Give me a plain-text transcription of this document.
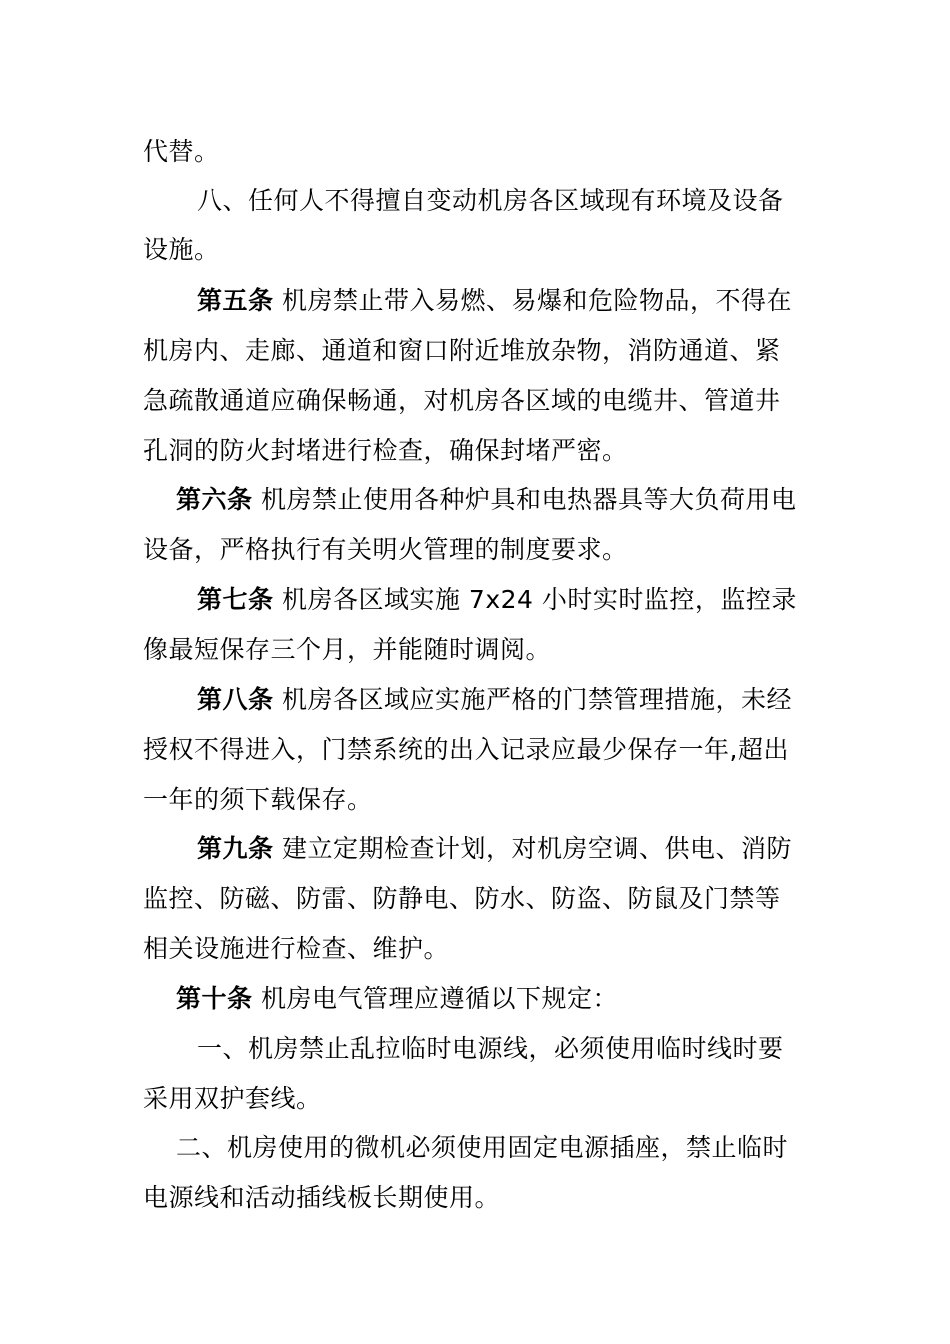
代替。
八、任何人不得擅自变动机房各区域现有环境及设备
设施。
第五条 机房禁止带入易燃、易爆和危险物品，不得在
机房内、走廊、通道和窗口附近堆放杂物，消防通道、紧
急疏散通道应确保畅通，对机房各区域的电缆井、管道井
孔洞的防火封堵进行检查，确保封堵严密。
第六条 机房禁止使用各种炉具和电热器具等大负荷用电
设备，严格执行有关明火管理的制度要求。
第七条 机房各区域实施 7x24 小时实时监控，监控录
像最短保存三个月，并能随时调阅。
第八条 机房各区域应实施严格的门禁管理措施，未经
授权不得进入，门禁系统的出入记录应最少保存一年,超出
一年的须下载保存。
第九条 建立定期检查计划，对机房空调、供电、消防
监控、防磁、防雷、防静电、防水、防盗、防鼠及门禁等
相关设施进行检查、维护。
第十条 机房电气管理应遵循以下规定：
一、机房禁止乱拉临时电源线，必须使用临时线时要
采用双护套线。
二、机房使用的微机必须使用固定电源插座，禁止临时
电源线和活动插线板长期使用。
